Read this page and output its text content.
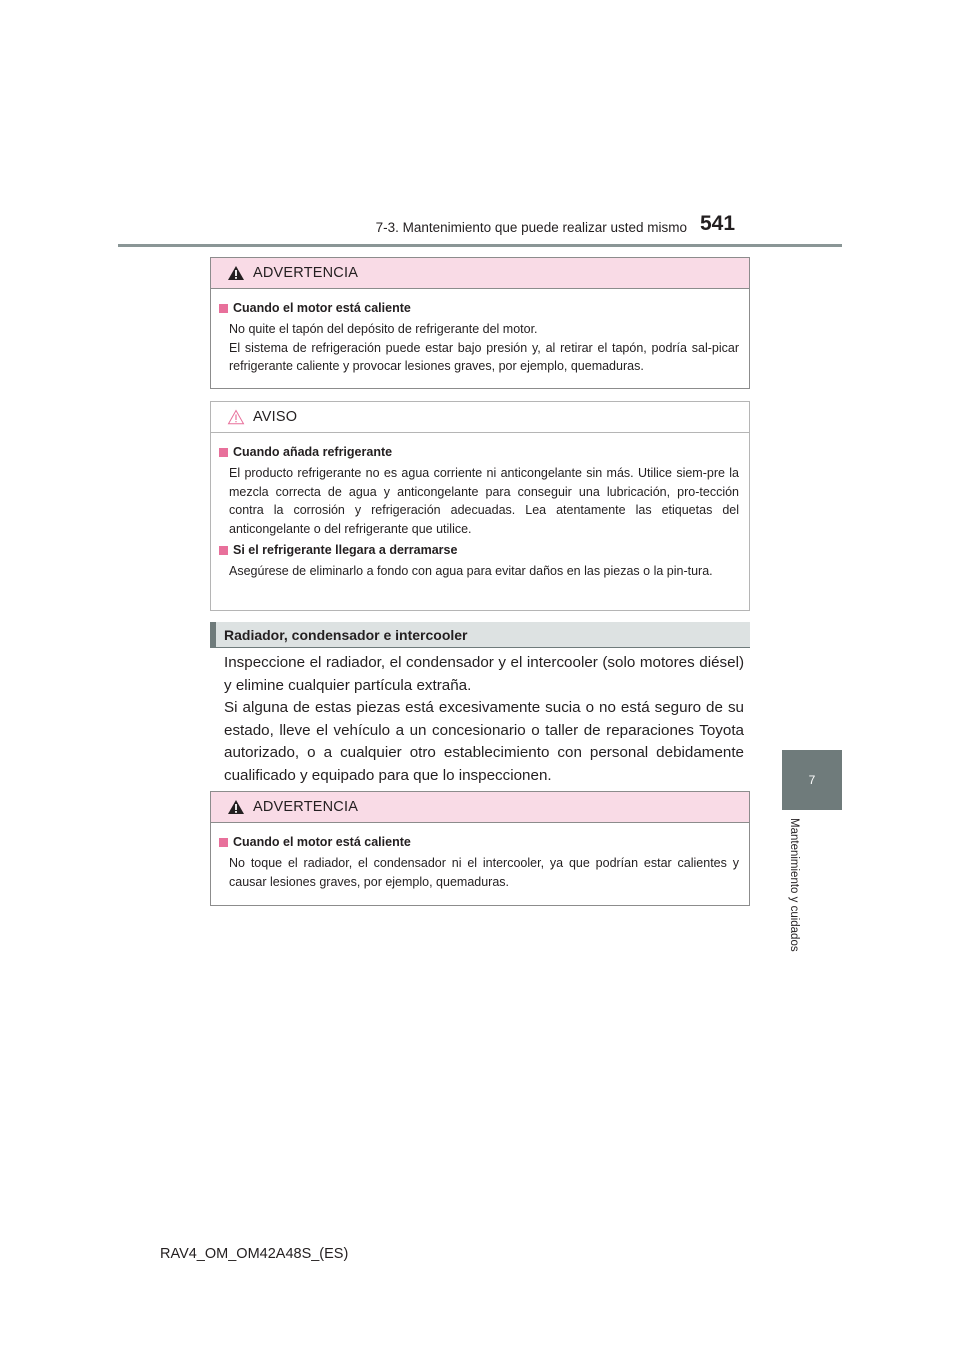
7-3. Mantenimiento que puede realizar usted mismo 541
7
Mantenimiento y cuidados
ADVERTENCIA
Cuando el motor está caliente
No quite el tapón del depósito de refrigerante del motor.
El sistema de refrigeración puede estar bajo presión y, al retirar el tapón, podría sal-picar refrigerante caliente y provocar lesiones graves, por ejemplo, quemaduras.
AVISO
Cuando añada refrigerante
El producto refrigerante no es agua corriente ni anticongelante sin más. Utilice siem-pre la mezcla correcta de agua y anticongelante para conseguir una lubricación, pro-tección contra la corrosión y refrigeración adecuadas. Lea atentamente las etiquetas del anticongelante o del refrigerante que utilice.
Si el refrigerante llegara a derramarse
Asegúrese de eliminarlo a fondo con agua para evitar daños en las piezas o la pin-tura.
Radiador, condensador e intercooler

Inspeccione el radiador, el condensador y el intercooler (solo motores diésel) y elimine cualquier partícula extraña.

Si alguna de estas piezas está excesivamente sucia o no está seguro de su estado, lleve el vehículo a un concesionario o taller de reparaciones Toyota autorizado, o a cualquier otro establecimiento con personal debidamente cualificado y equipado para que lo inspeccionen.

ADVERTENCIA
Cuando el motor está caliente
No toque el radiador, el condensador ni el intercooler, ya que podrían estar calientes y causar lesiones graves, por ejemplo, quemaduras.
RAV4_OM_OM42A48S_(ES)
